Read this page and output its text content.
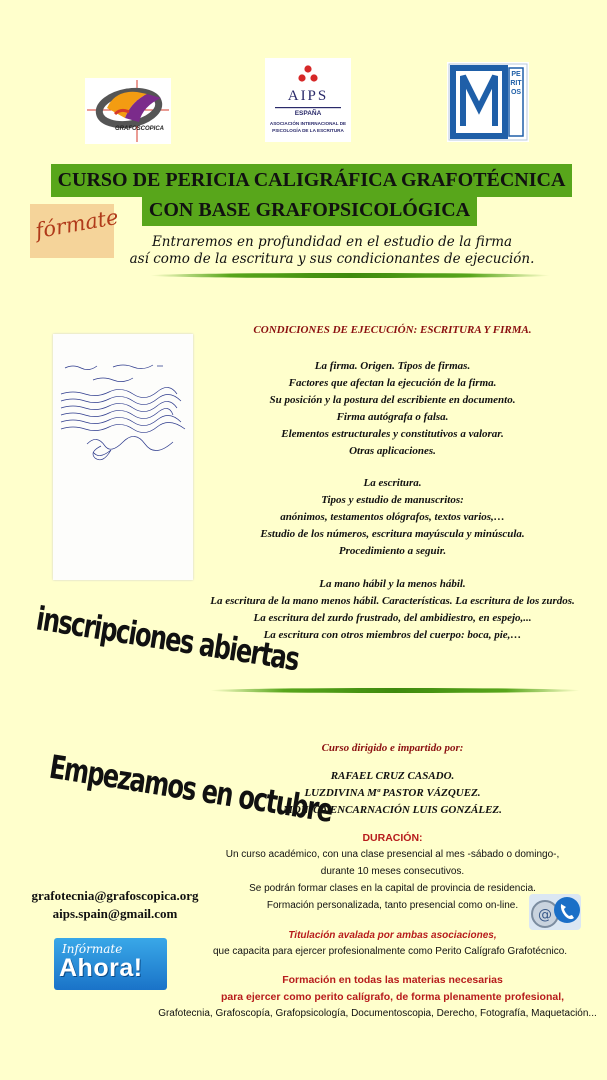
GRAFOSCOPICA
AIPS
ESPAÑA
ASOCIACIÓN INTERNACIONAL DE
PSICOLOGÍA DE LA ESCRITURA
PERITOS
CURSO DE PERICIA CALIGRÁFICA GRAFOTÉCNICA
CON BASE GRAFOPSICOLÓGICA
fórmate	Entraremos en profundidad en el estudio de la firma
así como de la escritura y sus condicionantes de ejecución.
CONDICIONES DE EJECUCIÓN: ESCRITURA Y FIRMA.
La firma. Origen. Tipos de firmas.
Factores que afectan la ejecución de la firma.
Su posición y la postura del escribiente en documento.
Firma autógrafa o falsa.
Elementos estructurales y constitutivos a valorar.
Otras aplicaciones.
La escritura.
Tipos y estudio de manuscritos:
anónimos, testamentos ológrafos, textos varios,…
Estudio de los números, escritura mayúscula y minúscula.
Procedimiento a seguir.
La mano hábil y la menos hábil.
La escritura de la mano menos hábil. Características. La escritura de los zurdos.
La escritura del zurdo frustrado, del ambidiestro, en espejo,...
La escritura con otros miembros del cuerpo: boca, pie,…
inscripciones abiertas
Empezamos en octubre
Curso dirigido e impartido por:
RAFAEL CRUZ CASADO.
LUZDIVINA Mª PASTOR VÁZQUEZ.
MÓNICA ENCARNACIÓN LUIS GONZÁLEZ.
DURACIÓN:
Un curso académico, con una clase presencial al mes -sábado o domingo-,
durante 10 meses consecutivos.
Se podrán formar clases en la capital de provincia de residencia.
Formación personalizada, tanto presencial como on-line.
grafotecnia@grafoscopica.org
aips.spain@gmail.com	@
Titulación avalada por ambas asociaciones,
que capacita para ejercer profesionalmente como Perito Calígrafo Grafotécnico.
Infórmate
Ahora!	Formación en todas las materias necesarias
para ejercer como perito calígrafo, de forma plenamente profesional,
Grafotecnia, Grafoscopía, Grafopsicología, Documentoscopia, Derecho, Fotografía, Maquetación...
